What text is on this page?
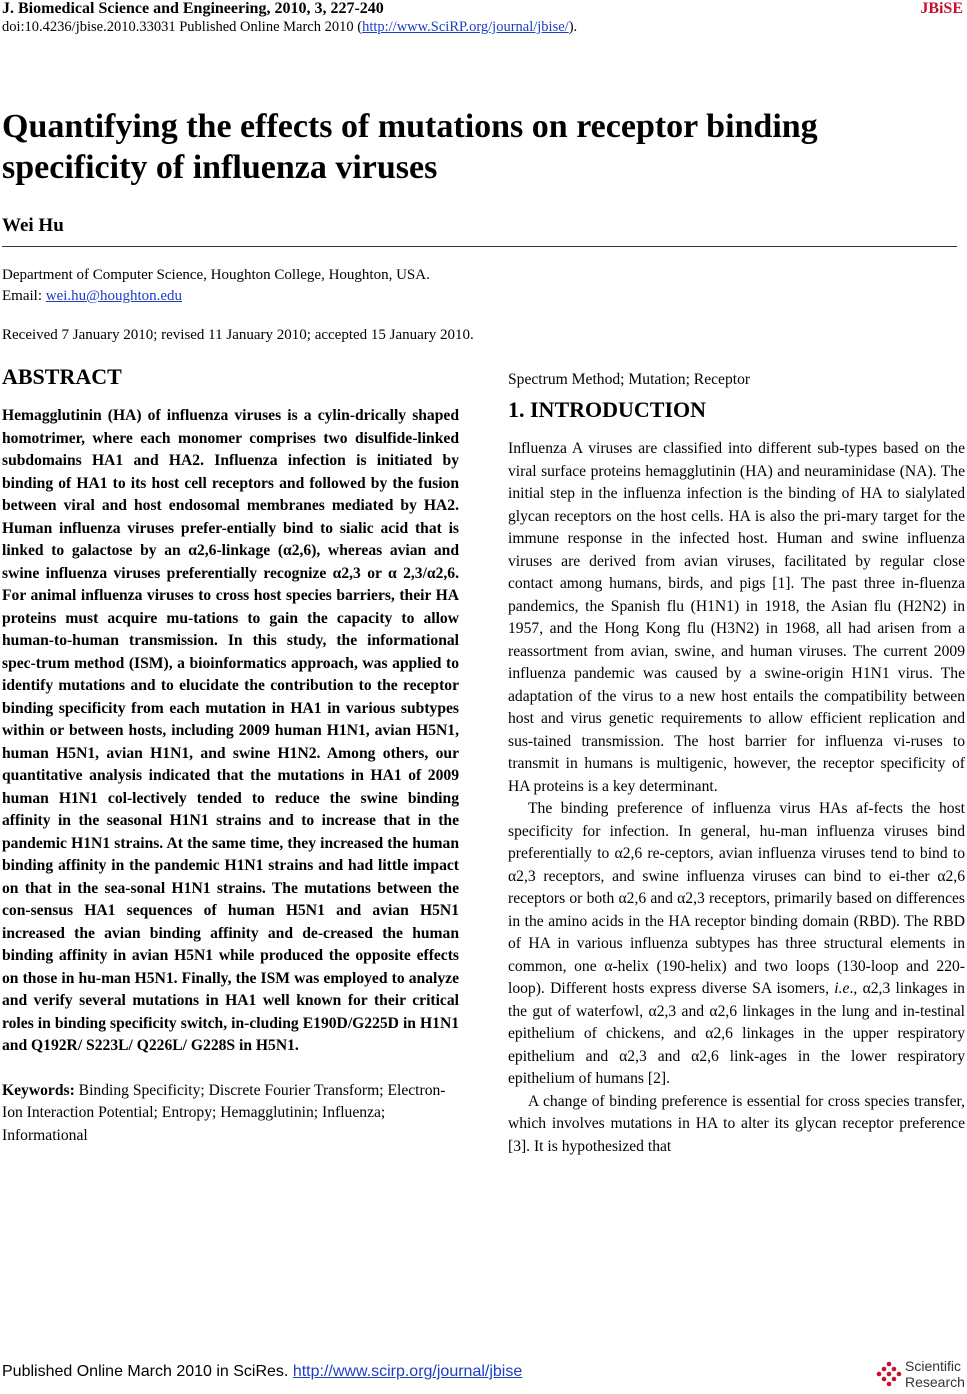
J. Biomedical Science and Engineering, 2010, 3, 227-240	JBiSE
doi:10.4236/jbise.2010.33031 Published Online March 2010 (http://www.SciRP.org/journal/jbise/).
Quantifying the effects of mutations on receptor binding specificity of influenza viruses
Wei Hu
Department of Computer Science, Houghton College, Houghton, USA.
Email: wei.hu@houghton.edu
Received 7 January 2010; revised 11 January 2010; accepted 15 January 2010.
ABSTRACT

Hemagglutinin (HA) of influenza viruses is a cylin-drically shaped homotrimer, where each monomer comprises two disulfide-linked subdomains HA1 and HA2. Influenza infection is initiated by binding of HA1 to its host cell receptors and followed by the fusion between viral and host endosomal membranes mediated by HA2. Human influenza viruses prefer-entially bind to sialic acid that is linked to galactose by an α2,6-linkage (α2,6), whereas avian and swine influenza viruses preferentially recognize α2,3 or α 2,3/α2,6. For animal influenza viruses to cross host species barriers, their HA proteins must acquire mu-tations to gain the capacity to allow human-to-human transmission. In this study, the informational spec-trum method (ISM), a bioinformatics approach, was applied to identify mutations and to elucidate the contribution to the receptor binding specificity from each mutation in HA1 in various subtypes within or between hosts, including 2009 human H1N1, avian H5N1, human H5N1, avian H1N1, and swine H1N2. Among others, our quantitative analysis indicated that the mutations in HA1 of 2009 human H1N1 col-lectively tended to reduce the swine binding affinity in the seasonal H1N1 strains and to increase that in the pandemic H1N1 strains. At the same time, they increased the human binding affinity in the pandemic H1N1 strains and had little impact on that in the sea-sonal H1N1 strains. The mutations between the con-sensus HA1 sequences of human H5N1 and avian H5N1 increased the avian binding affinity and de-creased the human binding affinity in avian H5N1 while produced the opposite effects on those in hu-man H5N1. Finally, the ISM was employed to analyze and verify several mutations in HA1 well known for their critical roles in binding specificity switch, in-cluding E190D/G225D in H1N1 and Q192R/ S223L/ Q226L/ G228S in H5N1.

Keywords: Binding Specificity; Discrete Fourier Transform; Electron-Ion Interaction Potential; Entropy; Hemagglutinin; Influenza; Informational
Spectrum Method; Mutation; Receptor
1. INTRODUCTION

Influenza A viruses are classified into different sub-types based on the viral surface proteins hemagglutinin (HA) and neuraminidase (NA). The initial step in the influenza infection is the binding of HA to sialylated glycan receptors on the host cells. HA is also the pri-mary target for the immune response in the infected host. Human and swine influenza viruses are derived from avian viruses, facilitated by regular close contact among humans, birds, and pigs [1]. The past three in-fluenza pandemics, the Spanish flu (H1N1) in 1918, the Asian flu (H2N2) in 1957, and the Hong Kong flu (H3N2) in 1968, all had arisen from a reassortment from avian, swine, and human viruses. The current 2009 influenza pandemic was caused by a swine-origin H1N1 virus. The adaptation of the virus to a new host entails the compatibility between host and virus genetic requirements to allow efficient replication and sus-tained transmission. The host barrier for influenza vi-ruses to transmit in humans is multigenic, however, the receptor specificity of HA proteins is a key determinant.

The binding preference of influenza virus HAs af-fects the host specificity for infection. In general, hu-man influenza viruses bind preferentially to α2,6 re-ceptors, avian influenza viruses tend to bind to α2,3 receptors, and swine influenza viruses can bind to ei-ther α2,6 receptors or both α2,6 and α2,3 receptors, primarily based on differences in the amino acids in the HA receptor binding domain (RBD). The RBD of HA in various influenza subtypes has three structural elements in common, one α-helix (190-helix) and two loops (130-loop and 220-loop). Different hosts express diverse SA isomers, i.e., α2,3 linkages in the gut of waterfowl, α2,3 and α2,6 linkages in the lung and in-testinal epithelium of chickens, and α2,6 linkages in the upper respiratory epithelium and α2,3 and α2,6 link-ages in the lower respiratory epithelium of humans [2].

A change of binding preference is essential for cross species transfer, which involves mutations in HA to alter its glycan receptor preference [3]. It is hypothesized that

Published Online March 2010 in SciRes. http://www.scirp.org/journal/jbise	Scientific
Research
